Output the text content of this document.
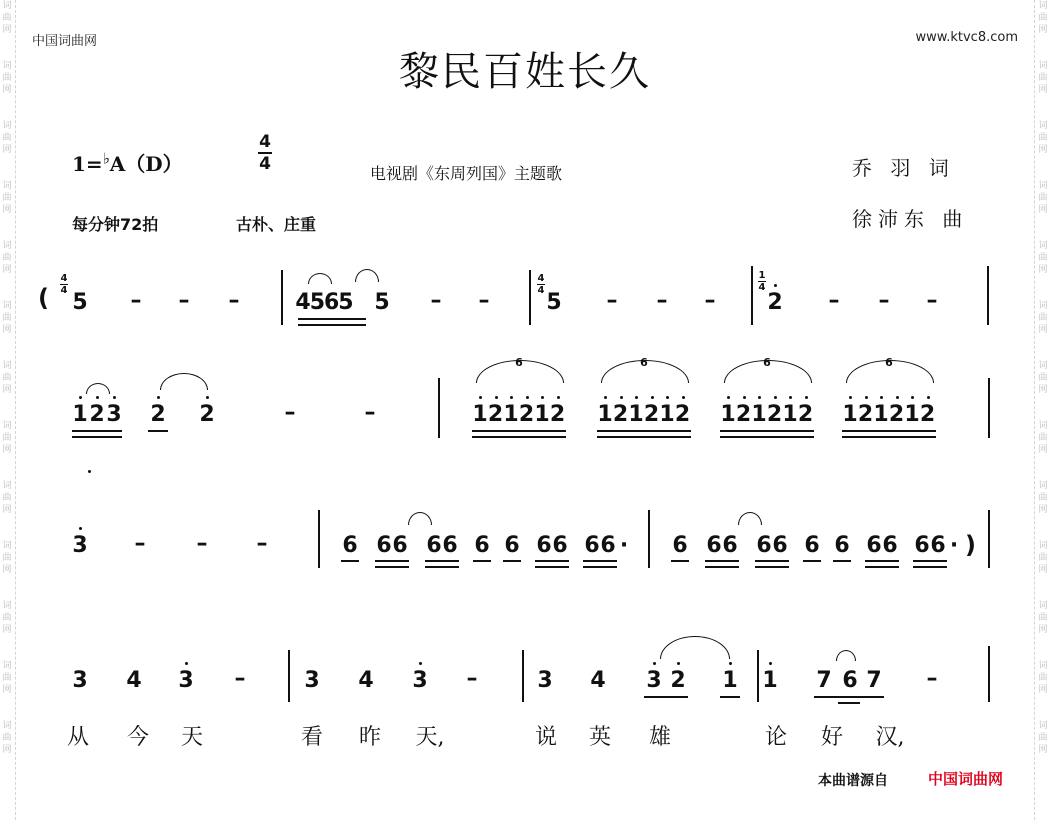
词
曲
网

词
曲
网

词
曲
网

词
曲
网

词
曲
网

词
曲
网

词
曲
网

词
曲
网

词
曲
网

词
曲
网

词
曲
网

词
曲
网

词
曲
网

词
曲
网

词
曲
网

词
曲
网

词
曲
网

词
曲
网

词
曲
网

词
曲
网

词
曲
网

词
曲
网

词
曲
网

词
曲
网

词
曲
网

词
曲
网

中国词曲网	www.ktvc8.com
黎民百姓长久
1=♭A（D）	$\frac{4}{4}$	电视剧《东周列国》主题歌
每分钟72拍	古朴、庄重
乔 羽 词
徐沛东 曲
( $\frac{4}{4}$
5 – – –	4565 5 – –
$\frac{4}{4}$
5 – – –
$\frac{1}{4}$
2 – – –
1 2 3 2 2	–	–	1 2 1 2 1 2
6
1 2 1 2 1 2
6
1 2 1 2 1 2
6
1 2 1 2 1 2
6
3 – – –	6 6 6 6 6 6 6 6 6 6 6 · 6 6 6 6 6 6 6 6 6 6 6 · )
3 4 3 –	3 4 3 –	3 4 3 2 1 1 7 6 7 –
从 今 天	看 昨 天,	说 英 雄	论 好 汉,
本曲谱源自	中国词曲网
